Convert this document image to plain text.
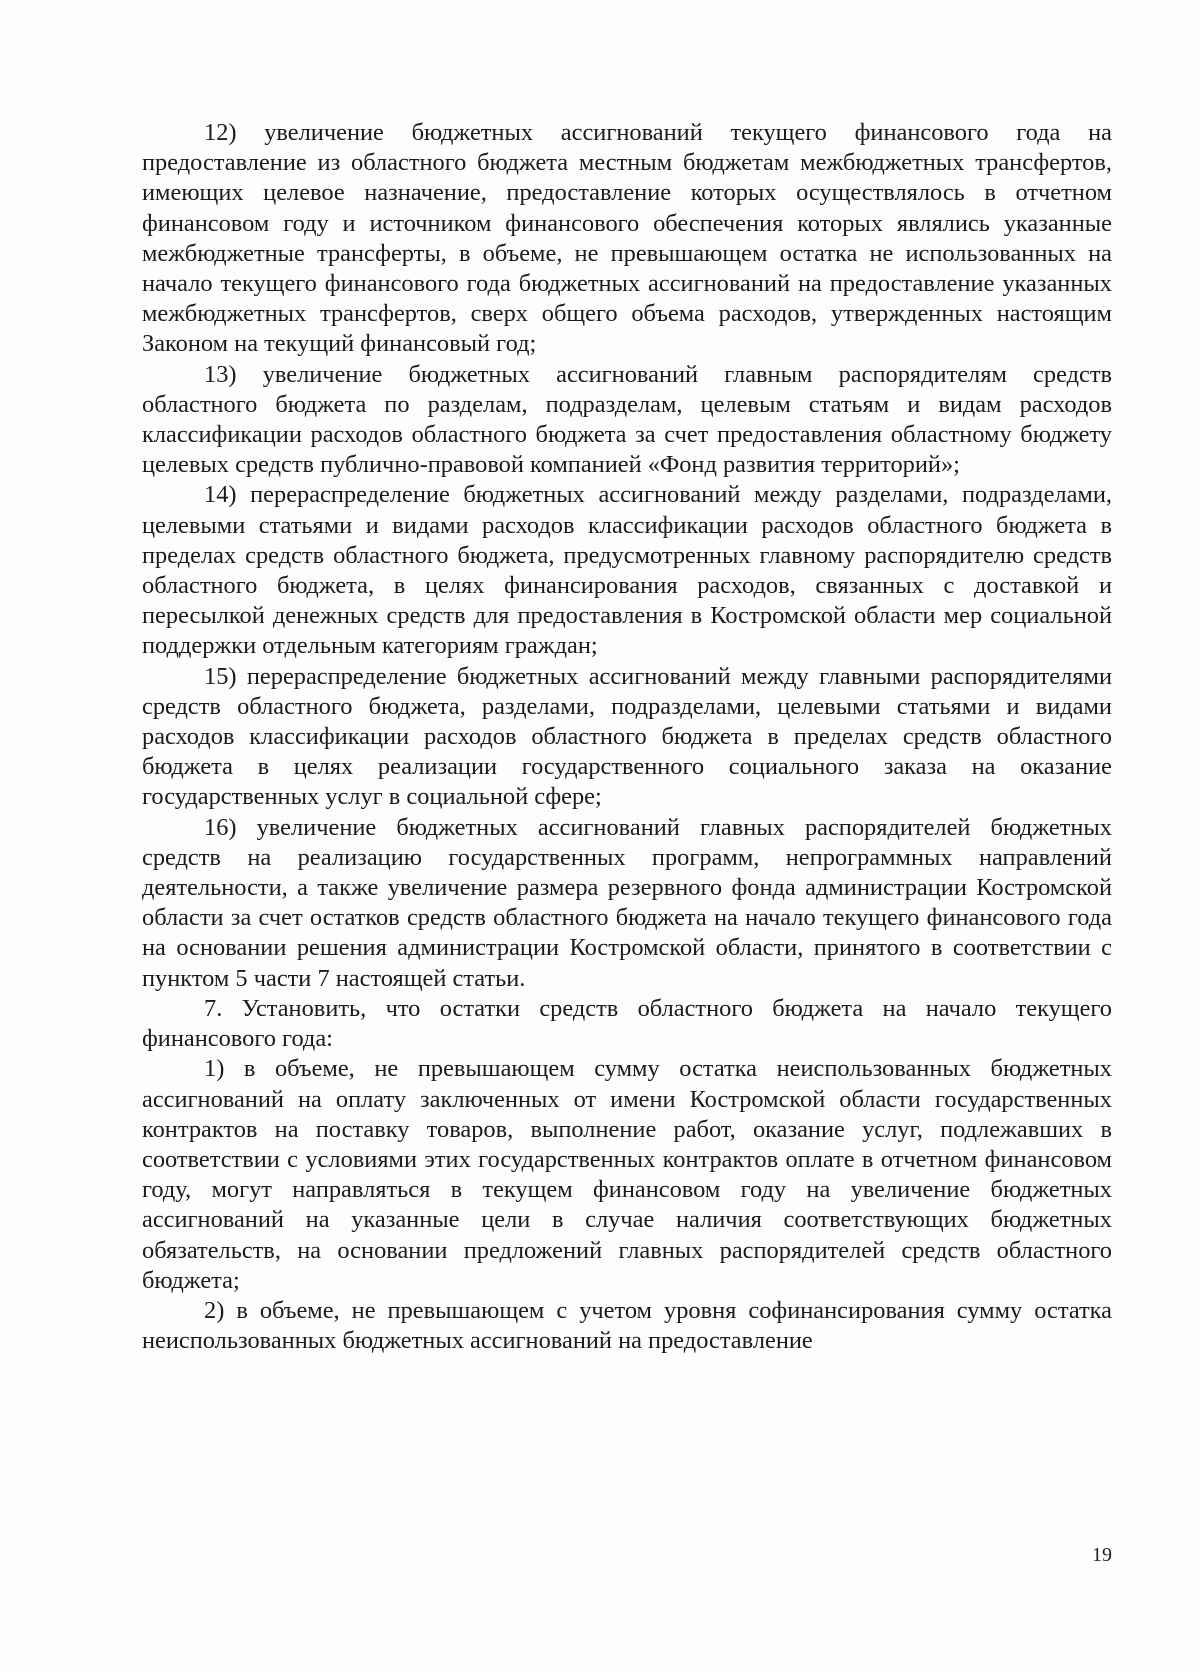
12) увеличение бюджетных ассигнований текущего финансового года на предоставление из областного бюджета местным бюджетам межбюджетных трансфертов, имеющих целевое назначение, предоставление которых осуществлялось в отчетном финансовом году и источником финансового обеспечения которых являлись указанные межбюджетные трансферты, в объеме, не превышающем остатка не использованных на начало текущего финансового года бюджетных ассигнований на предоставление указанных межбюджетных трансфертов, сверх общего объема расходов, утвержденных настоящим Законом на текущий финансовый год;

13) увеличение бюджетных ассигнований главным распорядителям средств областного бюджета по разделам, подразделам, целевым статьям и видам расходов классификации расходов областного бюджета за счет предоставления областному бюджету целевых средств публично-правовой компанией «Фонд развития территорий»;

14) перераспределение бюджетных ассигнований между разделами, подразделами, целевыми статьями и видами расходов классификации расходов областного бюджета в пределах средств областного бюджета, предусмотренных главному распорядителю средств областного бюджета, в целях финансирования расходов, связанных с доставкой и пересылкой денежных средств для предоставления в Костромской области мер социальной поддержки отдельным категориям граждан;

15) перераспределение бюджетных ассигнований между главными распорядителями средств областного бюджета, разделами, подразделами, целевыми статьями и видами расходов классификации расходов областного бюджета в пределах средств областного бюджета в целях реализации государственного социального заказа на оказание государственных услуг в социальной сфере;

16) увеличение бюджетных ассигнований главных распорядителей бюджетных средств на реализацию государственных программ, непрограммных направлений деятельности, а также увеличение размера резервного фонда администрации Костромской области за счет остатков средств областного бюджета на начало текущего финансового года на основании решения администрации Костромской области, принятого в соответствии с пунктом 5 части 7 настоящей статьи.

7. Установить, что остатки средств областного бюджета на начало текущего финансового года:

1) в объеме, не превышающем сумму остатка неиспользованных бюджетных ассигнований на оплату заключенных от имени Костромской области государственных контрактов на поставку товаров, выполнение работ, оказание услуг, подлежавших в соответствии с условиями этих государственных контрактов оплате в отчетном финансовом году, могут направляться в текущем финансовом году на увеличение бюджетных ассигнований на указанные цели в случае наличия соответствующих бюджетных обязательств, на основании предложений главных распорядителей средств областного бюджета;

2) в объеме, не превышающем с учетом уровня софинансирования сумму остатка неиспользованных бюджетных ассигнований на предоставление

19
